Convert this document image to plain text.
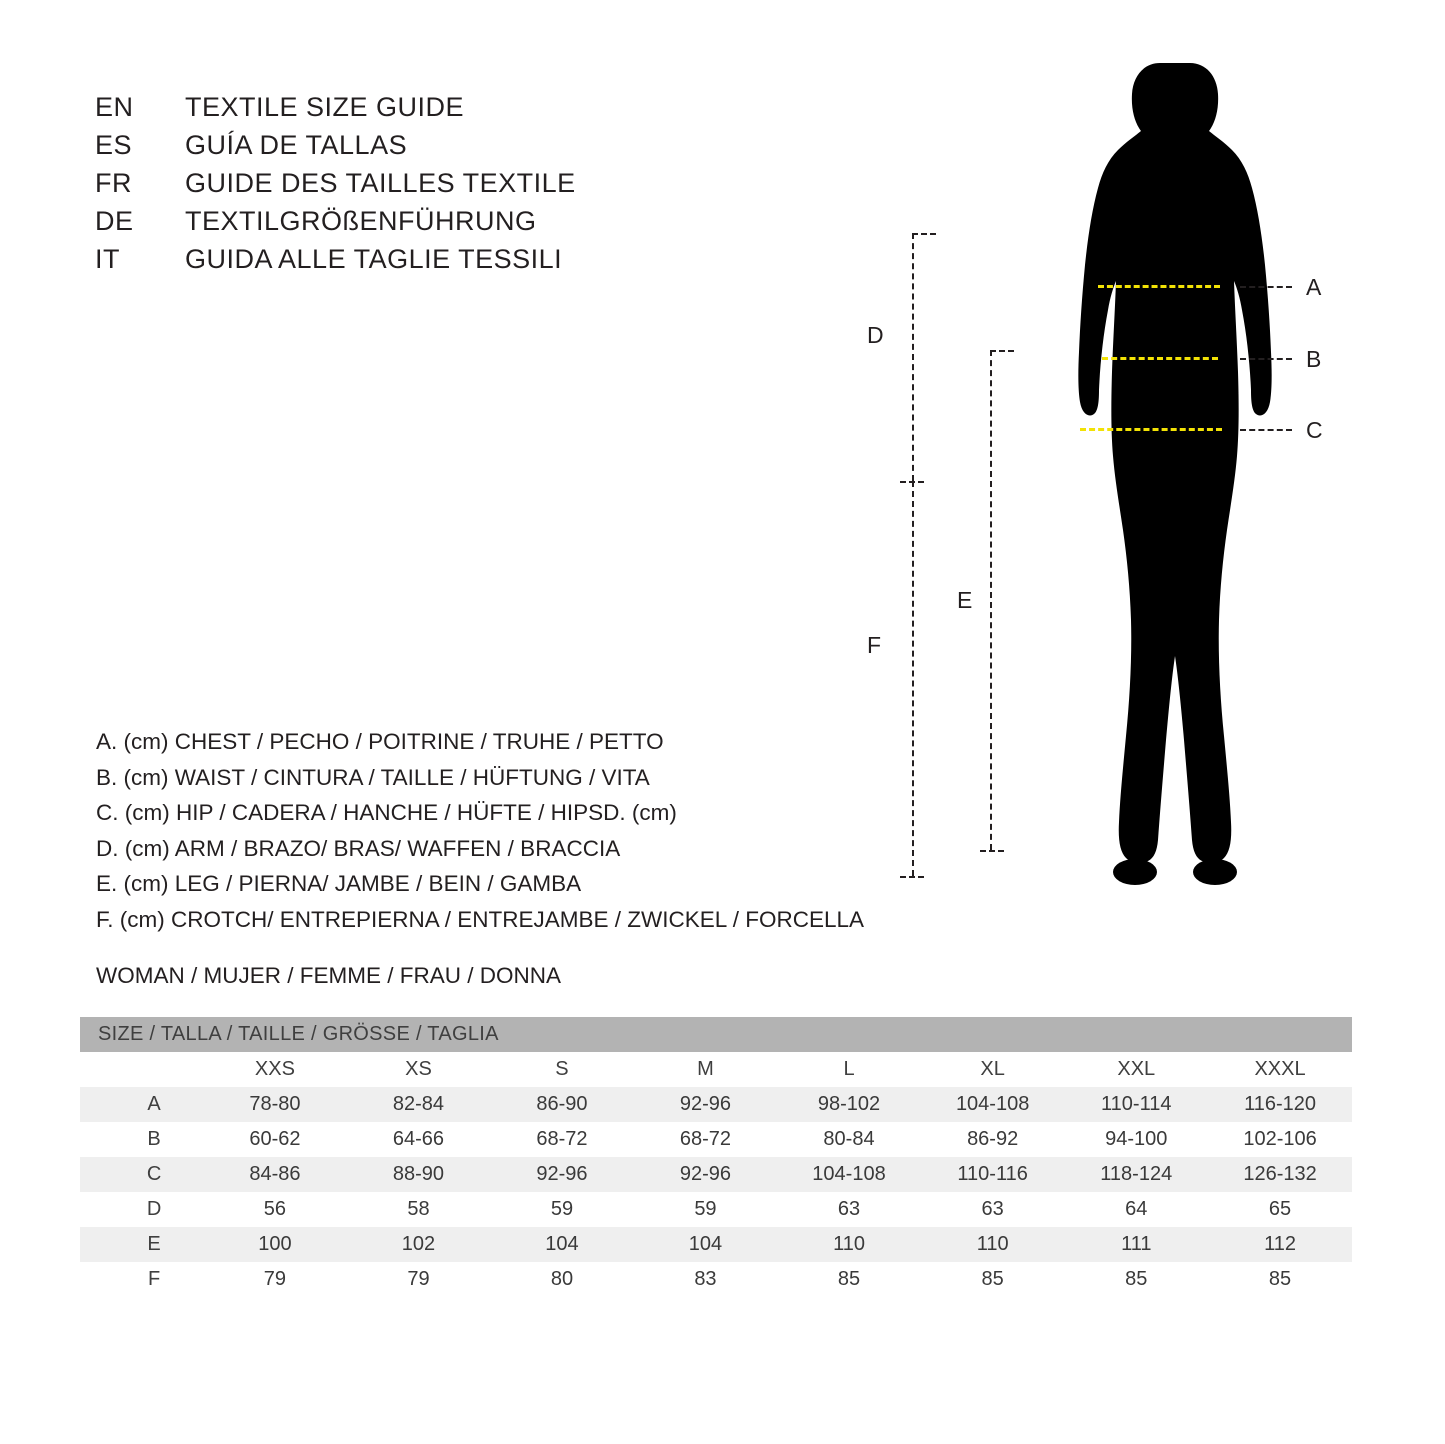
EN	TEXTILE SIZE GUIDE
ES	GUÍA DE TALLAS
FR	GUIDE DES TAILLES TEXTILE
DE	TEXTILGRÖßENFÜHRUNG
IT	GUIDA ALLE TAGLIE TESSILI
A
B
C
D
E
F
A. (cm) CHEST / PECHO / POITRINE / TRUHE / PETTO
B. (cm) WAIST / CINTURA / TAILLE / HÜFTUNG / VITA
C. (cm) HIP / CADERA / HANCHE / HÜFTE / HIPSD. (cm)
D. (cm) ARM / BRAZO/ BRAS/ WAFFEN / BRACCIA
E. (cm) LEG / PIERNA/ JAMBE / BEIN / GAMBA
F. (cm) CROTCH/ ENTREPIERNA / ENTREJAMBE / ZWICKEL / FORCELLA
WOMAN / MUJER / FEMME / FRAU / DONNA
SIZE / TALLA / TAILLE / GRÖSSE / TAGLIA
	XXS	XS	S	M	L	XL	XXL	XXXL
A	78-80	82-84	86-90	92-96	98-102	104-108	110-114	116-120
B	60-62	64-66	68-72	68-72	80-84	86-92	94-100	102-106
C	84-86	88-90	92-96	92-96	104-108	110-116	118-124	126-132
D	56	58	59	59	63	63	64	65
E	100	102	104	104	110	110	111	112
F	79	79	80	83	85	85	85	85
